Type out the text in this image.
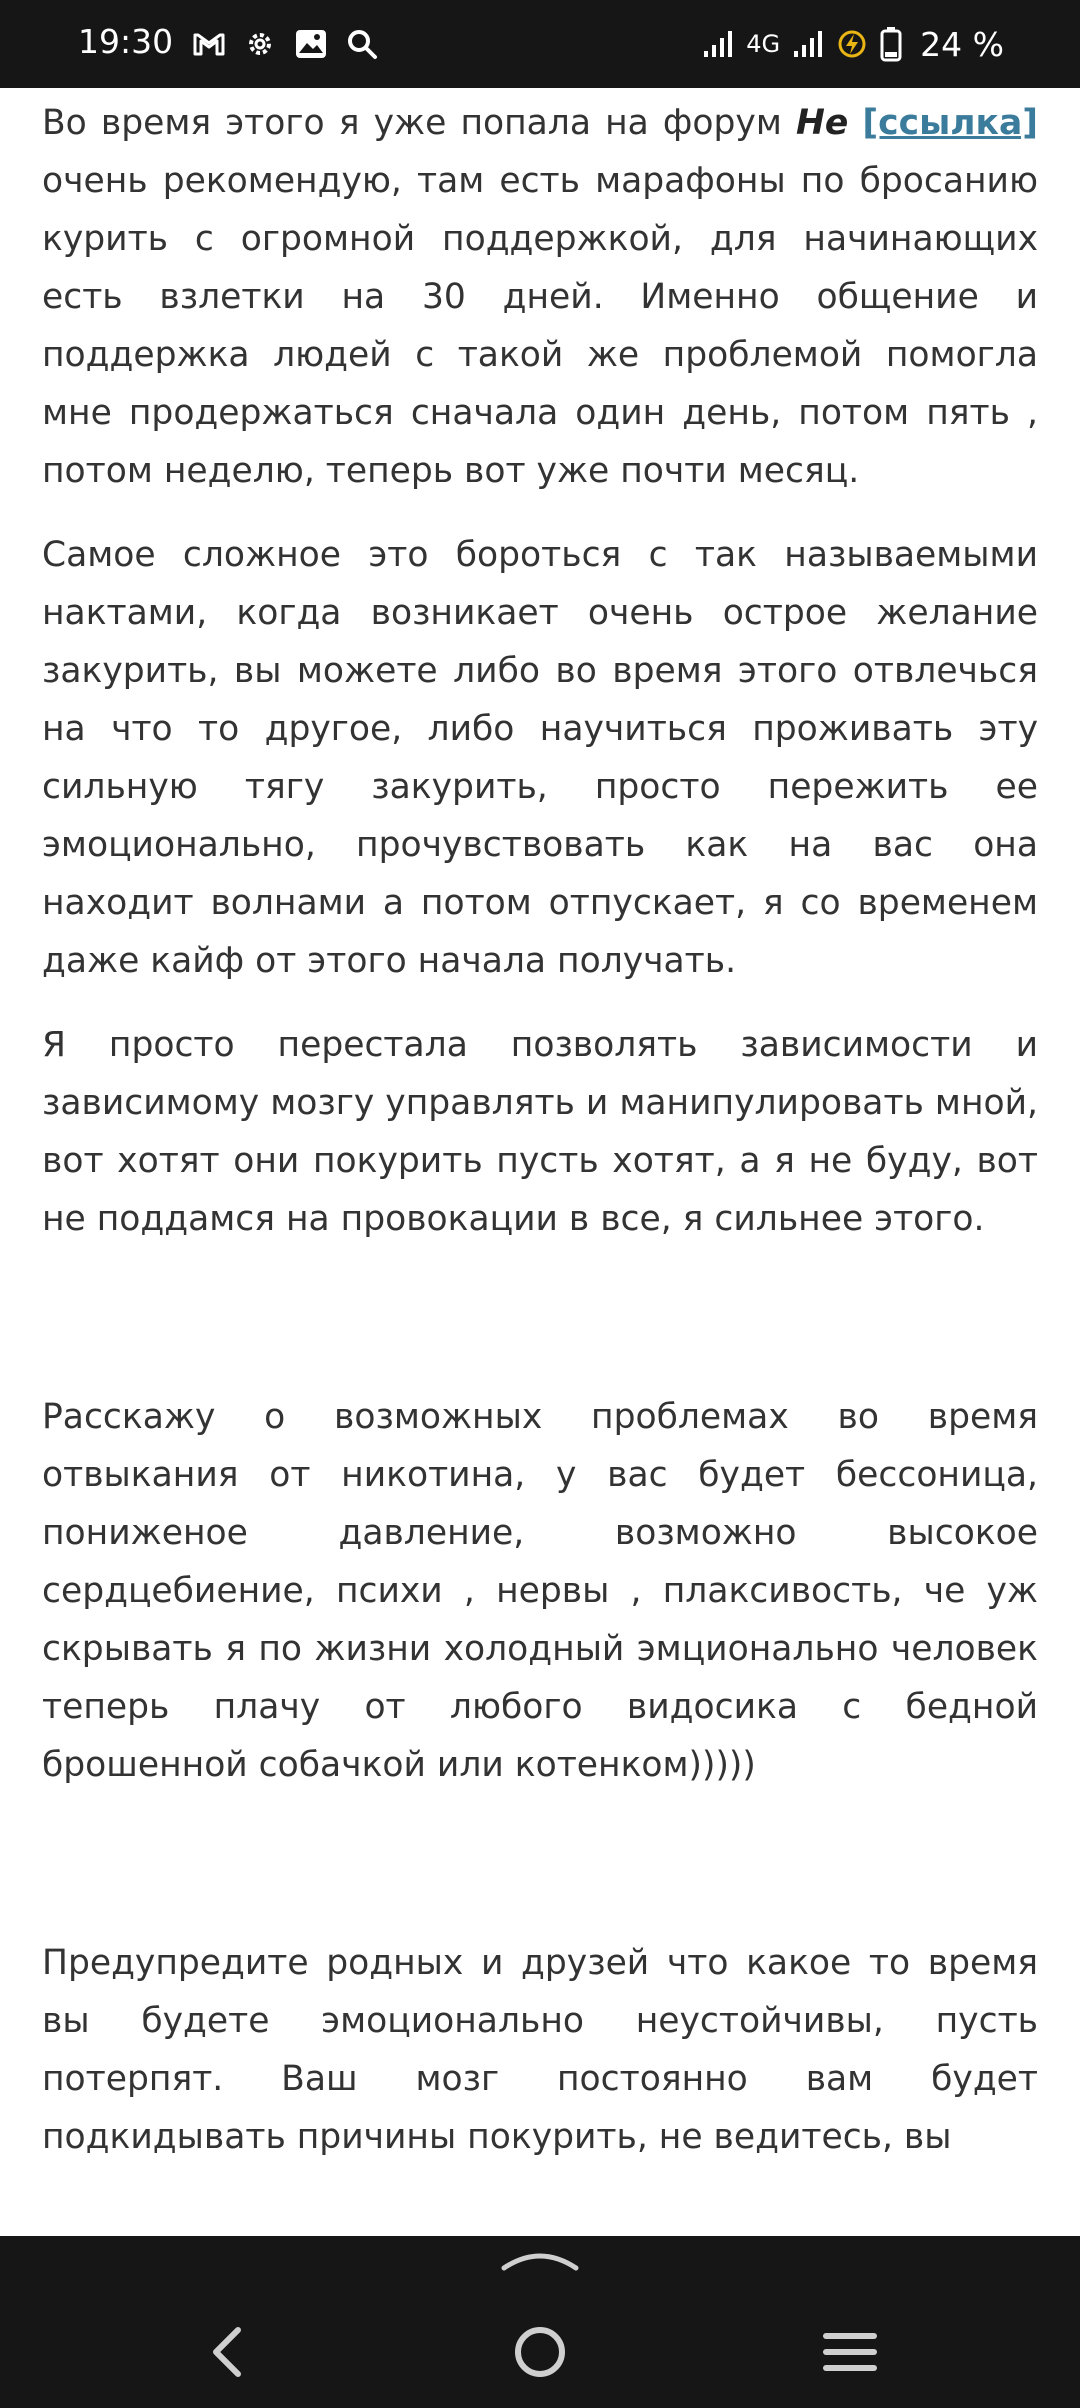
19:30	4G	24 %

Во время этого я уже попала на форум Не [ссылка] очень рекомендую, там есть марафоны по бросанию курить с огромной поддержкой, для начинающих есть взлетки на 30 дней. Именно общение и поддержка людей с такой же проблемой помогла мне продержаться сначала один день, потом пять , потом неделю, теперь вот уже почти месяц.

Самое сложное это бороться с так называемыми нактами, когда возникает очень острое желание закурить, вы можете либо во время этого отвлечься на что то другое, либо научиться проживать эту сильную тягу закурить, просто пережить ее эмоционально, прочувствовать как на вас она находит волнами а потом отпускает, я со временем даже кайф от этого начала получать.

Я просто перестала позволять зависимости и зависимому мозгу управлять и манипулировать мной, вот хотят они покурить пусть хотят, а я не буду, вот не поддамся на провокации в все, я сильнее этого.

Расскажу о возможных проблемах во время отвыкания от никотина, у вас будет бессоница, пониженое давление, возможно высокое сердцебиение, психи , нервы , плаксивость, че уж скрывать я по жизни холодный эмционально человек теперь плачу от любого видосика с бедной брошенной собачкой или котенком)))))

Предупредите родных и друзей что какое то время вы будете эмоционально неустойчивы, пусть потерпят. Ваш мозг постоянно вам будет подкидывать причины покурить, не ведитесь, вы
